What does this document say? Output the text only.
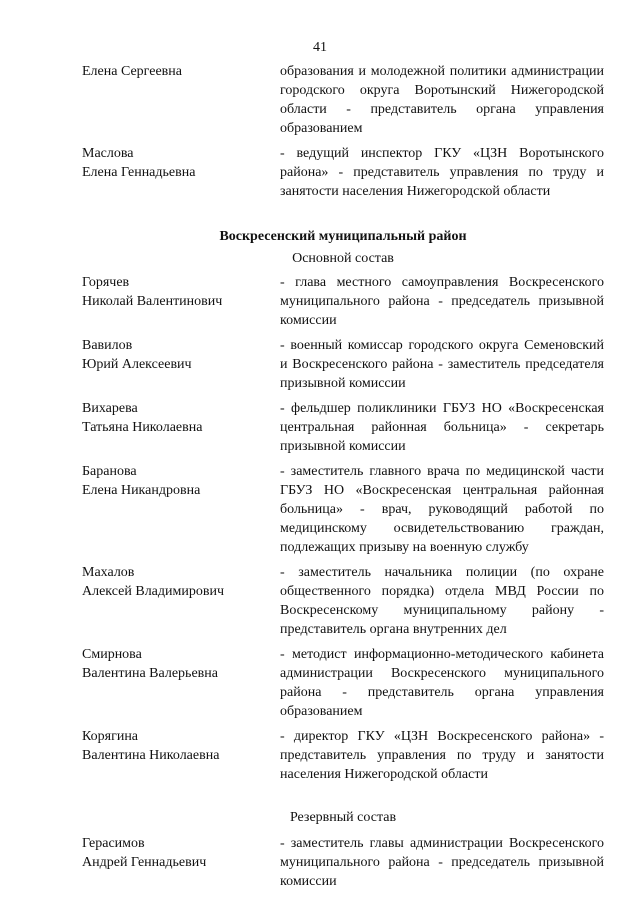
41
Елена Сергеевна	образования и молодежной политики администрации городского округа Воротынский Нижегородской области - представитель органа управления образованием
Маслова
Елена Геннадьевна
- ведущий инспектор ГКУ «ЦЗН Воротынского района» - представитель управления по труду и занятости населения Нижегородской области
Воскресенский муниципальный район
Основной состав
Горячев
Николай Валентинович
- глава местного самоуправления Воскресенского муниципального района - председатель призывной комиссии
Вавилов
Юрий Алексеевич
- военный комиссар городского округа Семеновский и Воскресенского района - заместитель председателя призывной комиссии
Вихарева
Татьяна Николаевна
- фельдшер поликлиники ГБУЗ НО «Воскресенская центральная районная больница» - секретарь призывной комиссии
Баранова
Елена Никандровна
- заместитель главного врача по медицинской части ГБУЗ НО «Воскресенская центральная районная больница» - врач, руководящий работой по медицинскому освидетельствованию граждан, подлежащих призыву на военную службу
Махалов
Алексей Владимирович
- заместитель начальника полиции (по охране общественного порядка) отдела МВД России по Воскресенскому муниципальному району - представитель органа внутренних дел
Смирнова
Валентина Валерьевна
- методист информационно-методического кабинета администрации Воскресенского муниципального района - представитель органа управления образованием
Корягина
Валентина Николаевна
- директор ГКУ «ЦЗН Воскресенского района» - представитель управления по труду и занятости населения Нижегородской области
Резервный состав
Герасимов
Андрей Геннадьевич
- заместитель главы администрации Воскресенского муниципального района - председатель призывной комиссии
